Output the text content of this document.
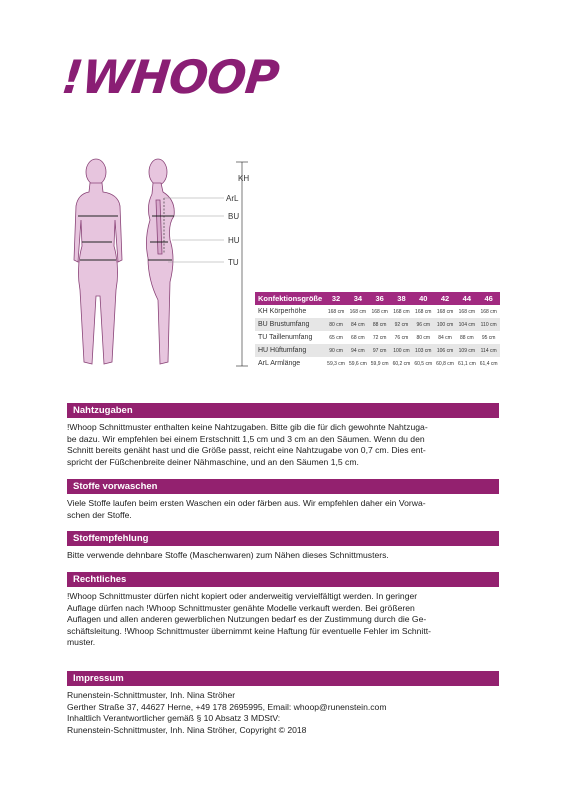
!WHOOP
KH
ArL
BU
HU
TU
Konfektionsgröße	32	34	36	38	40	42	44	46
KH Körperhöhe	168 cm	168 cm	168 cm	168 cm	168 cm	168 cm	168 cm	168 cm
BU Brustumfang	80 cm	84 cm	88 cm	92 cm	96 cm	100 cm	104 cm	110 cm
TU Taillenumfang	65 cm	68 cm	72 cm	76 cm	80 cm	84 cm	88 cm	95 cm
HU Hüftumfang	90 cm	94 cm	97 cm	100 cm	103 cm	106 cm	109 cm	114 cm
ArL Armlänge	59,3 cm	59,6 cm	59,9 cm	60,2 cm	60,5 cm	60,8 cm	61,1 cm	61,4 cm
Nahtzugaben
!Whoop Schnittmuster enthalten keine Nahtzugaben. Bitte gib die für dich gewohnte Nahtzuga-
be dazu. Wir empfehlen bei einem Erstschnitt 1,5 cm und 3 cm an den Säumen. Wenn du den
Schnitt bereits genäht hast und die Größe passt, reicht eine Nahtzugabe von 0,7 cm. Dies ent-
spricht der Füßchenbreite deiner Nähmaschine, und an den Säumen 1,5 cm.
Stoffe vorwaschen
Viele Stoffe laufen beim ersten Waschen ein oder färben aus. Wir empfehlen daher ein Vorwa-
schen der Stoffe.
Stoffempfehlung
Bitte verwende dehnbare Stoffe (Maschenwaren) zum Nähen dieses Schnittmusters.
Rechtliches
!Whoop Schnittmuster dürfen nicht kopiert oder anderweitig vervielfältigt werden. In geringer
Auflage dürfen nach !Whoop Schnittmuster genähte Modelle verkauft werden. Bei größeren
Auflagen und allen anderen gewerblichen Nutzungen bedarf es der Zustimmung durch die Ge-
schäftsleitung. !Whoop Schnittmuster übernimmt keine Haftung für eventuelle Fehler im Schnitt-
muster.
Impressum
Runenstein-Schnittmuster, Inh. Nina Ströher
Gerther Straße 37, 44627 Herne, +49 178 2695995, Email: whoop@runenstein.com
Inhaltlich Verantwortlicher gemäß § 10 Absatz 3 MDStV:
Runenstein-Schnittmuster, Inh. Nina Ströher, Copyright © 2018
